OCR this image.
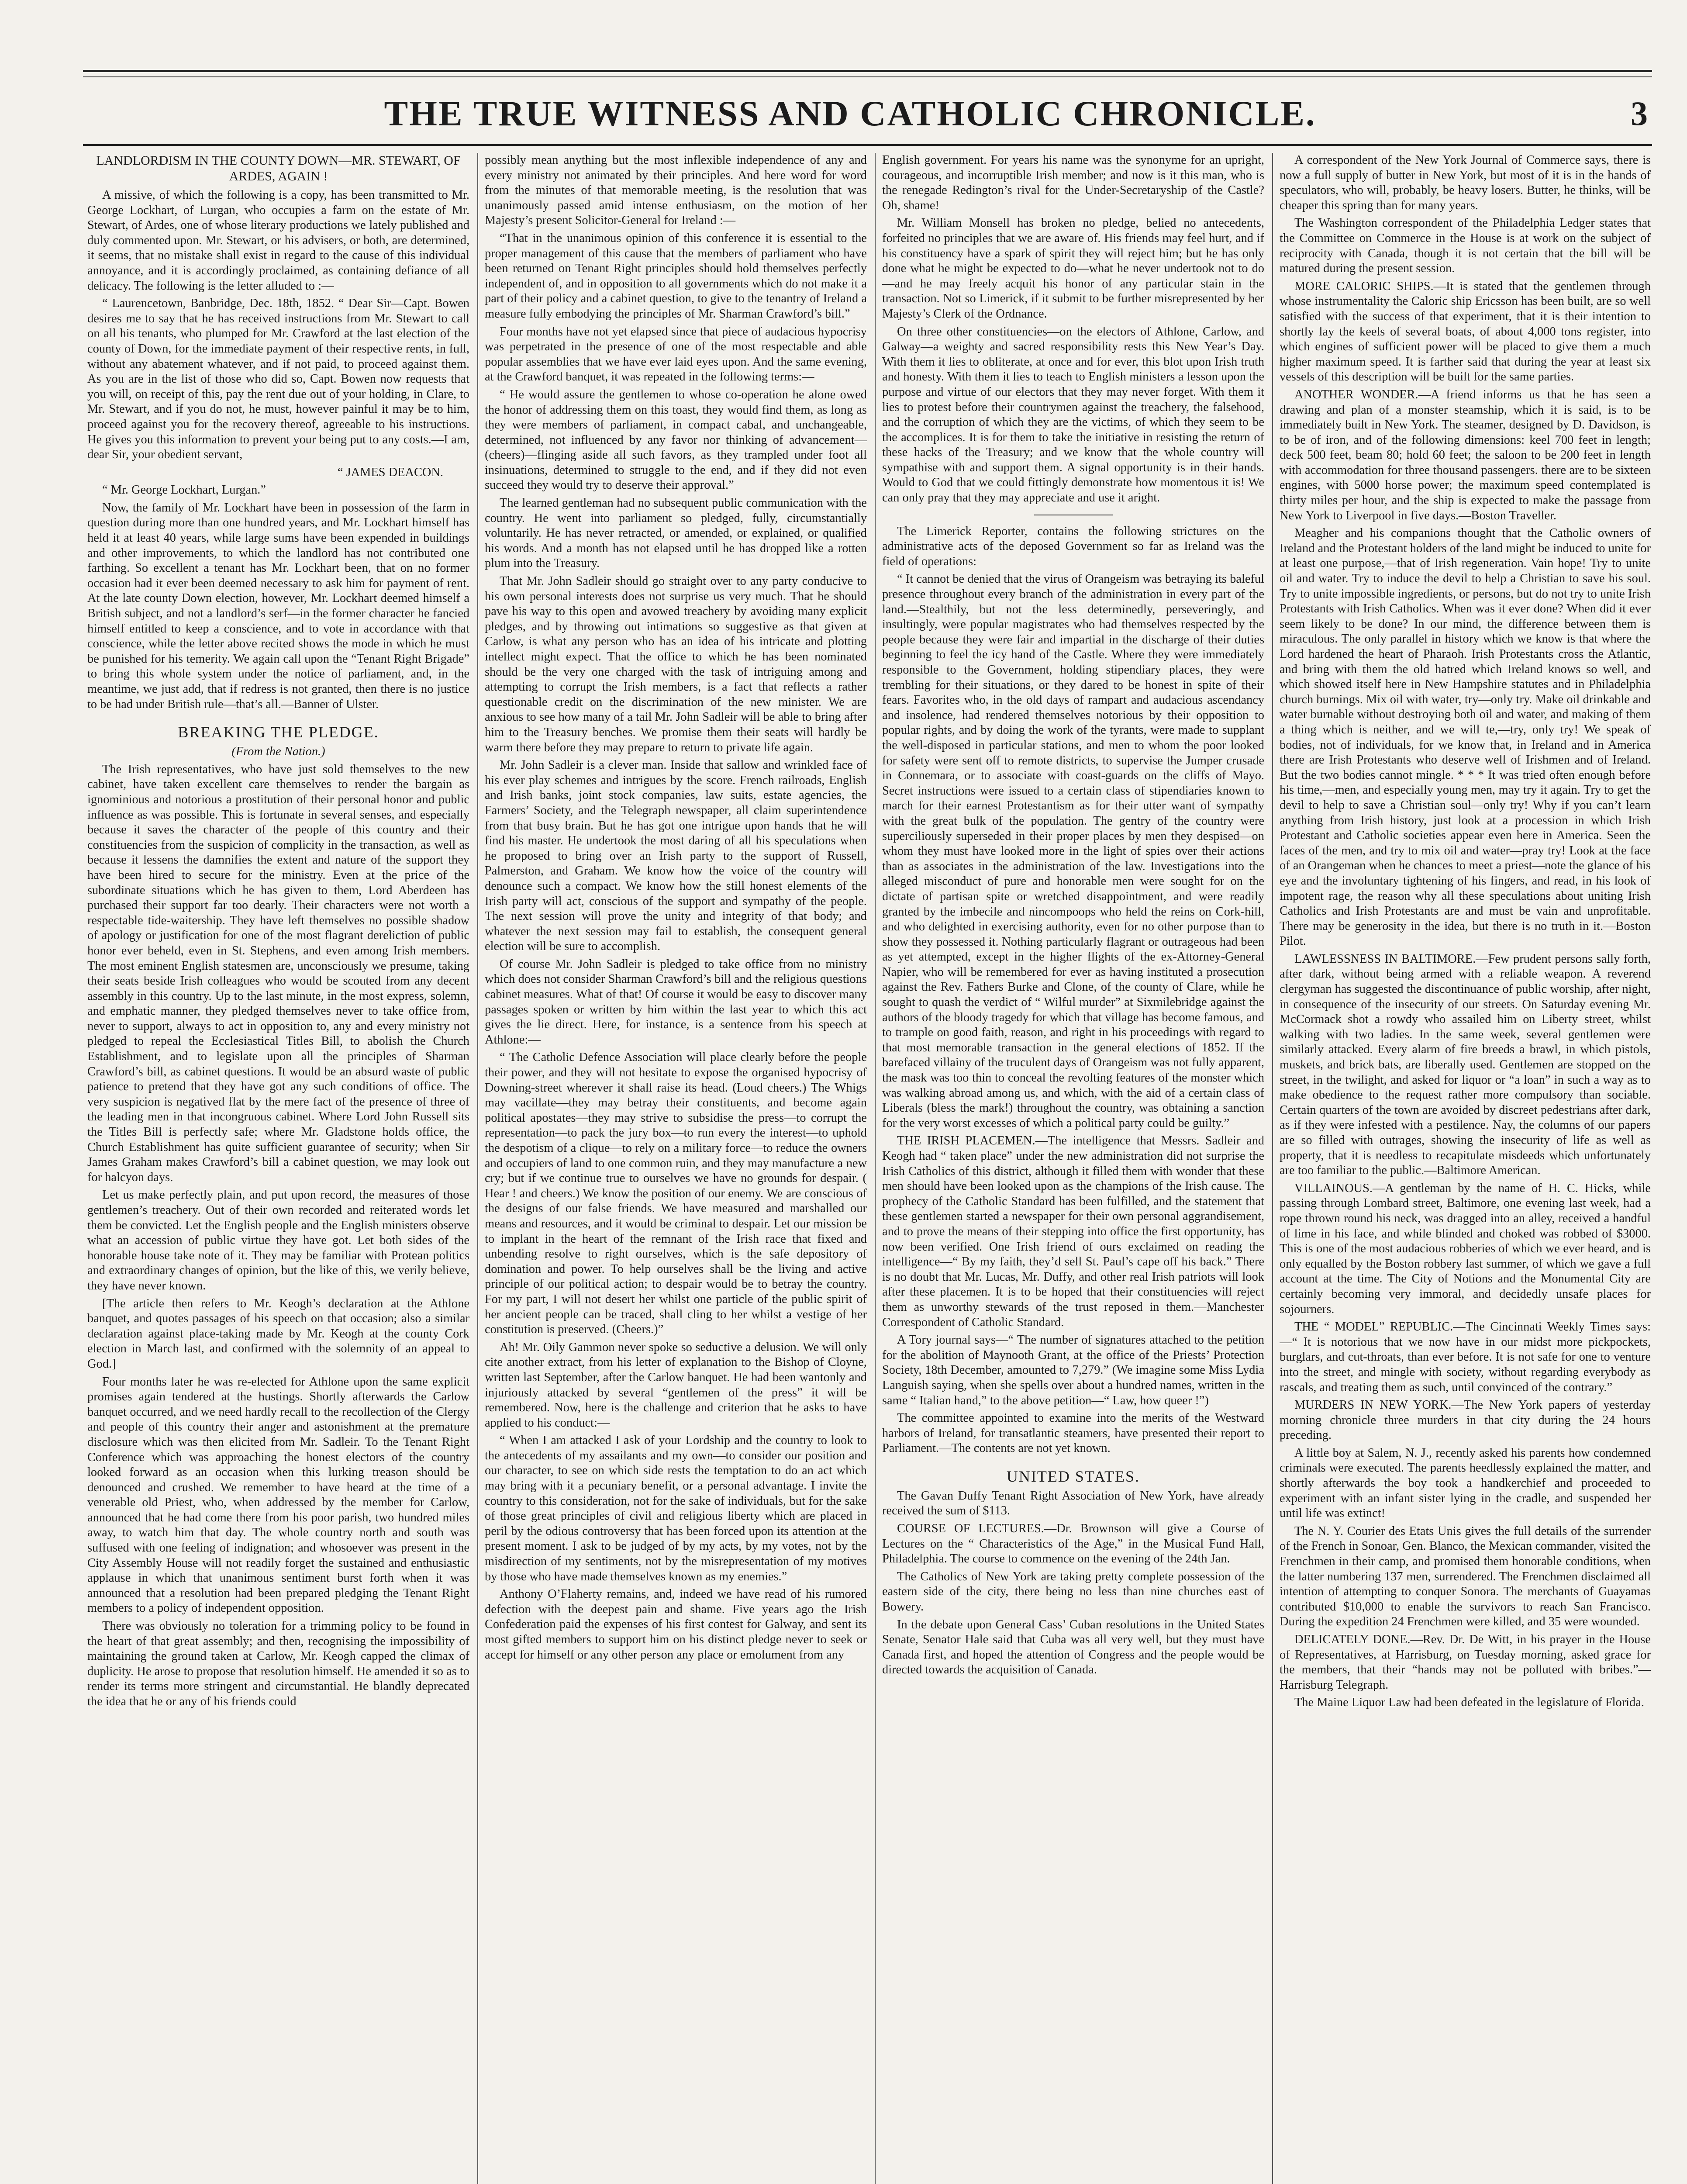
THE TRUE WITNESS AND CATHOLIC CHRONICLE.	3
LANDLORDISM IN THE COUNTY DOWN—MR. STEWART, OF ARDES, AGAIN !

A missive, of which the following is a copy, has been transmitted to Mr. George Lockhart, of Lurgan, who occupies a farm on the estate of Mr. Stewart, of Ardes, one of whose literary productions we lately published and duly commented upon. Mr. Stewart, or his advisers, or both, are determined, it seems, that no mistake shall exist in regard to the cause of this individual annoyance, and it is accordingly proclaimed, as containing defiance of all delicacy. The following is the letter alluded to :—

“ Laurencetown, Banbridge, Dec. 18th, 1852. “ Dear Sir—Capt. Bowen desires me to say that he has received instructions from Mr. Stewart to call on all his tenants, who plumped for Mr. Crawford at the last election of the county of Down, for the immediate payment of their respective rents, in full, without any abatement whatever, and if not paid, to proceed against them. As you are in the list of those who did so, Capt. Bowen now requests that you will, on receipt of this, pay the rent due out of your holding, in Clare, to Mr. Stewart, and if you do not, he must, however painful it may be to him, proceed against you for the recovery thereof, agreeable to his instructions. He gives you this information to prevent your being put to any costs.—I am, dear Sir, your obedient servant,

“ JAMES DEACON.

“ Mr. George Lockhart, Lurgan.”

Now, the family of Mr. Lockhart have been in possession of the farm in question during more than one hundred years, and Mr. Lockhart himself has held it at least 40 years, while large sums have been expended in buildings and other improvements, to which the landlord has not contributed one farthing. So excellent a tenant has Mr. Lockhart been, that on no former occasion had it ever been deemed necessary to ask him for payment of rent. At the late county Down election, however, Mr. Lockhart deemed himself a British subject, and not a landlord’s serf—in the former character he fancied himself entitled to keep a conscience, and to vote in accordance with that conscience, while the letter above recited shows the mode in which he must be punished for his temerity. We again call upon the “Tenant Right Brigade” to bring this whole system under the notice of parliament, and, in the meantime, we just add, that if redress is not granted, then there is no justice to be had under British rule—that’s all.—Banner of Ulster.

BREAKING THE PLEDGE.
(From the Nation.)

The Irish representatives, who have just sold themselves to the new cabinet, have taken excellent care themselves to render the bargain as ignominious and notorious a prostitution of their personal honor and public influence as was possible. This is fortunate in several senses, and especially because it saves the character of the people of this country and their constituencies from the suspicion of complicity in the transaction, as well as because it lessens the damnifies the extent and nature of the support they have been hired to secure for the ministry. Even at the price of the subordinate situations which he has given to them, Lord Aberdeen has purchased their support far too dearly. Their characters were not worth a respectable tide-waitership. They have left themselves no possible shadow of apology or justification for one of the most flagrant dereliction of public honor ever beheld, even in St. Stephens, and even among Irish members. The most eminent English statesmen are, unconsciously we presume, taking their seats beside Irish colleagues who would be scouted from any decent assembly in this country. Up to the last minute, in the most express, solemn, and emphatic manner, they pledged themselves never to take office from, never to support, always to act in opposition to, any and every ministry not pledged to repeal the Ecclesiastical Titles Bill, to abolish the Church Establishment, and to legislate upon all the principles of Sharman Crawford’s bill, as cabinet questions. It would be an absurd waste of public patience to pretend that they have got any such conditions of office. The very suspicion is negatived flat by the mere fact of the presence of three of the leading men in that incongruous cabinet. Where Lord John Russell sits the Titles Bill is perfectly safe; where Mr. Gladstone holds office, the Church Establishment has quite sufficient guarantee of security; when Sir James Graham makes Crawford’s bill a cabinet question, we may look out for halcyon days.

Let us make perfectly plain, and put upon record, the measures of those gentlemen’s treachery. Out of their own recorded and reiterated words let them be convicted. Let the English people and the English ministers observe what an accession of public virtue they have got. Let both sides of the honorable house take note of it. They may be familiar with Protean politics and extraordinary changes of opinion, but the like of this, we verily believe, they have never known.

[The article then refers to Mr. Keogh’s declaration at the Athlone banquet, and quotes passages of his speech on that occasion; also a similar declaration against place-taking made by Mr. Keogh at the county Cork election in March last, and confirmed with the solemnity of an appeal to God.]

Four months later he was re-elected for Athlone upon the same explicit promises again tendered at the hustings. Shortly afterwards the Carlow banquet occurred, and we need hardly recall to the recollection of the Clergy and people of this country their anger and astonishment at the premature disclosure which was then elicited from Mr. Sadleir. To the Tenant Right Conference which was approaching the honest electors of the country looked forward as an occasion when this lurking treason should be denounced and crushed. We remember to have heard at the time of a venerable old Priest, who, when addressed by the member for Carlow, announced that he had come there from his poor parish, two hundred miles away, to watch him that day. The whole country north and south was suffused with one feeling of indignation; and whosoever was present in the City Assembly House will not readily forget the sustained and enthusiastic applause in which that unanimous sentiment burst forth when it was announced that a resolution had been prepared pledging the Tenant Right members to a policy of independent opposition.

There was obviously no toleration for a trimming policy to be found in the heart of that great assembly; and then, recognising the impossibility of maintaining the ground taken at Carlow, Mr. Keogh capped the climax of duplicity. He arose to propose that resolution himself. He amended it so as to render its terms more stringent and circumstantial. He blandly deprecated the idea that he or any of his friends could

possibly mean anything but the most inflexible independence of any and every ministry not animated by their principles. And here word for word from the minutes of that memorable meeting, is the resolution that was unanimously passed amid intense enthusiasm, on the motion of her Majesty’s present Solicitor-General for Ireland :—

“That in the unanimous opinion of this conference it is essential to the proper management of this cause that the members of parliament who have been returned on Tenant Right principles should hold themselves perfectly independent of, and in opposition to all governments which do not make it a part of their policy and a cabinet question, to give to the tenantry of Ireland a measure fully embodying the principles of Mr. Sharman Crawford’s bill.”

Four months have not yet elapsed since that piece of audacious hypocrisy was perpetrated in the presence of one of the most respectable and able popular assemblies that we have ever laid eyes upon. And the same evening, at the Crawford banquet, it was repeated in the following terms:—

“ He would assure the gentlemen to whose co-operation he alone owed the honor of addressing them on this toast, they would find them, as long as they were members of parliament, in compact cabal, and unchangeable, determined, not influenced by any favor nor thinking of advancement—(cheers)—flinging aside all such favors, as they trampled under foot all insinuations, determined to struggle to the end, and if they did not even succeed they would try to deserve their approval.”

The learned gentleman had no subsequent public communication with the country. He went into parliament so pledged, fully, circumstantially voluntarily. He has never retracted, or amended, or explained, or qualified his words. And a month has not elapsed until he has dropped like a rotten plum into the Treasury.

That Mr. John Sadleir should go straight over to any party conducive to his own personal interests does not surprise us very much. That he should pave his way to this open and avowed treachery by avoiding many explicit pledges, and by throwing out intimations so suggestive as that given at Carlow, is what any person who has an idea of his intricate and plotting intellect might expect. That the office to which he has been nominated should be the very one charged with the task of intriguing among and attempting to corrupt the Irish members, is a fact that reflects a rather questionable credit on the discrimination of the new minister. We are anxious to see how many of a tail Mr. John Sadleir will be able to bring after him to the Treasury benches. We promise them their seats will hardly be warm there before they may prepare to return to private life again.

Mr. John Sadleir is a clever man. Inside that sallow and wrinkled face of his ever play schemes and intrigues by the score. French railroads, English and Irish banks, joint stock companies, law suits, estate agencies, the Farmers’ Society, and the Telegraph newspaper, all claim superintendence from that busy brain. But he has got one intrigue upon hands that he will find his master. He undertook the most daring of all his speculations when he proposed to bring over an Irish party to the support of Russell, Palmerston, and Graham. We know how the voice of the country will denounce such a compact. We know how the still honest elements of the Irish party will act, conscious of the support and sympathy of the people. The next session will prove the unity and integrity of that body; and whatever the next session may fail to establish, the consequent general election will be sure to accomplish.

Of course Mr. John Sadleir is pledged to take office from no ministry which does not consider Sharman Crawford’s bill and the religious questions cabinet measures. What of that! Of course it would be easy to discover many passages spoken or written by him within the last year to which this act gives the lie direct. Here, for instance, is a sentence from his speech at Athlone:—

“ The Catholic Defence Association will place clearly before the people their power, and they will not hesitate to expose the organised hypocrisy of Downing-street wherever it shall raise its head. (Loud cheers.) The Whigs may vacillate—they may betray their constituents, and become again political apostates—they may strive to subsidise the press—to corrupt the representation—to pack the jury box—to run every the interest—to uphold the despotism of a clique—to rely on a military force—to reduce the owners and occupiers of land to one common ruin, and they may manufacture a new cry; but if we continue true to ourselves we have no grounds for despair. ( Hear ! and cheers.) We know the position of our enemy. We are conscious of the designs of our false friends. We have measured and marshalled our means and resources, and it would be criminal to despair. Let our mission be to implant in the heart of the remnant of the Irish race that fixed and unbending resolve to right ourselves, which is the safe depository of domination and power. To help ourselves shall be the living and active principle of our political action; to despair would be to betray the country. For my part, I will not desert her whilst one particle of the public spirit of her ancient people can be traced, shall cling to her whilst a vestige of her constitution is preserved. (Cheers.)”

Ah! Mr. Oily Gammon never spoke so seductive a delusion. We will only cite another extract, from his letter of explanation to the Bishop of Cloyne, written last September, after the Carlow banquet. He had been wantonly and injuriously attacked by several “gentlemen of the press” it will be remembered. Now, here is the challenge and criterion that he asks to have applied to his conduct:—

“ When I am attacked I ask of your Lordship and the country to look to the antecedents of my assailants and my own—to consider our position and our character, to see on which side rests the temptation to do an act which may bring with it a pecuniary benefit, or a personal advantage. I invite the country to this consideration, not for the sake of individuals, but for the sake of those great principles of civil and religious liberty which are placed in peril by the odious controversy that has been forced upon its attention at the present moment. I ask to be judged of by my acts, by my votes, not by the misdirection of my sentiments, not by the misrepresentation of my motives by those who have made themselves known as my enemies.”

Anthony O’Flaherty remains, and, indeed we have read of his rumored defection with the deepest pain and shame. Five years ago the Irish Confederation paid the expenses of his first contest for Galway, and sent its most gifted members to support him on his distinct pledge never to seek or accept for himself or any other person any place or emolument from any

English government. For years his name was the synonyme for an upright, courageous, and incorruptible Irish member; and now is it this man, who is the renegade Redington’s rival for the Under-Secretaryship of the Castle? Oh, shame!

Mr. William Monsell has broken no pledge, belied no antecedents, forfeited no principles that we are aware of. His friends may feel hurt, and if his constituency have a spark of spirit they will reject him; but he has only done what he might be expected to do—what he never undertook not to do—and he may freely acquit his honor of any particular stain in the transaction. Not so Limerick, if it submit to be further misrepresented by her Majesty’s Clerk of the Ordnance.

On three other constituencies—on the electors of Athlone, Carlow, and Galway—a weighty and sacred responsibility rests this New Year’s Day. With them it lies to obliterate, at once and for ever, this blot upon Irish truth and honesty. With them it lies to teach to English ministers a lesson upon the purpose and virtue of our electors that they may never forget. With them it lies to protest before their countrymen against the treachery, the falsehood, and the corruption of which they are the victims, of which they seem to be the accomplices. It is for them to take the initiative in resisting the return of these hacks of the Treasury; and we know that the whole country will sympathise with and support them. A signal opportunity is in their hands. Would to God that we could fittingly demonstrate how momentous it is! We can only pray that they may appreciate and use it aright.

The Limerick Reporter, contains the following strictures on the administrative acts of the deposed Government so far as Ireland was the field of operations:

“ It cannot be denied that the virus of Orangeism was betraying its baleful presence throughout every branch of the administration in every part of the land.—Stealthily, but not the less determinedly, perseveringly, and insultingly, were popular magistrates who had themselves respected by the people because they were fair and impartial in the discharge of their duties beginning to feel the icy hand of the Castle. Where they were immediately responsible to the Government, holding stipendiary places, they were trembling for their situations, or they dared to be honest in spite of their fears. Favorites who, in the old days of rampart and audacious ascendancy and insolence, had rendered themselves notorious by their opposition to popular rights, and by doing the work of the tyrants, were made to supplant the well-disposed in particular stations, and men to whom the poor looked for safety were sent off to remote districts, to supervise the Jumper crusade in Connemara, or to associate with coast-guards on the cliffs of Mayo. Secret instructions were issued to a certain class of stipendiaries known to march for their earnest Protestantism as for their utter want of sympathy with the great bulk of the population. The gentry of the country were superciliously superseded in their proper places by men they despised—on whom they must have looked more in the light of spies over their actions than as associates in the administration of the law. Investigations into the alleged misconduct of pure and honorable men were sought for on the dictate of partisan spite or wretched disappointment, and were readily granted by the imbecile and nincompoops who held the reins on Cork-hill, and who delighted in exercising authority, even for no other purpose than to show they possessed it. Nothing particularly flagrant or outrageous had been as yet attempted, except in the higher flights of the ex-Attorney-General Napier, who will be remembered for ever as having instituted a prosecution against the Rev. Fathers Burke and Clone, of the county of Clare, while he sought to quash the verdict of “ Wilful murder” at Sixmilebridge against the authors of the bloody tragedy for which that village has become famous, and to trample on good faith, reason, and right in his proceedings with regard to that most memorable transaction in the general elections of 1852. If the barefaced villainy of the truculent days of Orangeism was not fully apparent, the mask was too thin to conceal the revolting features of the monster which was walking abroad among us, and which, with the aid of a certain class of Liberals (bless the mark!) throughout the country, was obtaining a sanction for the very worst excesses of which a political party could be guilty.”

THE IRISH PLACEMEN.—The intelligence that Messrs. Sadleir and Keogh had “ taken place” under the new administration did not surprise the Irish Catholics of this district, although it filled them with wonder that these men should have been looked upon as the champions of the Irish cause. The prophecy of the Catholic Standard has been fulfilled, and the statement that these gentlemen started a newspaper for their own personal aggrandisement, and to prove the means of their stepping into office the first opportunity, has now been verified. One Irish friend of ours exclaimed on reading the intelligence—“ By my faith, they’d sell St. Paul’s cape off his back.” There is no doubt that Mr. Lucas, Mr. Duffy, and other real Irish patriots will look after these placemen. It is to be hoped that their constituencies will reject them as unworthy stewards of the trust reposed in them.—Manchester Correspondent of Catholic Standard.

A Tory journal says—“ The number of signatures attached to the petition for the abolition of Maynooth Grant, at the office of the Priests’ Protection Society, 18th December, amounted to 7,279.” (We imagine some Miss Lydia Languish saying, when she spells over about a hundred names, written in the same “ Italian hand,” to the above petition—“ Law, how queer !”)

The committee appointed to examine into the merits of the Westward harbors of Ireland, for transatlantic steamers, have presented their report to Parliament.—The contents are not yet known.

UNITED STATES.

The Gavan Duffy Tenant Right Association of New York, have already received the sum of $113.

COURSE OF LECTURES.—Dr. Brownson will give a Course of Lectures on the “ Characteristics of the Age,” in the Musical Fund Hall, Philadelphia. The course to commence on the evening of the 24th Jan.

The Catholics of New York are taking pretty complete possession of the eastern side of the city, there being no less than nine churches east of Bowery.

In the debate upon General Cass’ Cuban resolutions in the United States Senate, Senator Hale said that Cuba was all very well, but they must have Canada first, and hoped the attention of Congress and the people would be directed towards the acquisition of Canada.

A correspondent of the New York Journal of Commerce says, there is now a full supply of butter in New York, but most of it is in the hands of speculators, who will, probably, be heavy losers. Butter, he thinks, will be cheaper this spring than for many years.

The Washington correspondent of the Philadelphia Ledger states that the Committee on Commerce in the House is at work on the subject of reciprocity with Canada, though it is not certain that the bill will be matured during the present session.

MORE CALORIC SHIPS.—It is stated that the gentlemen through whose instrumentality the Caloric ship Ericsson has been built, are so well satisfied with the success of that experiment, that it is their intention to shortly lay the keels of several boats, of about 4,000 tons register, into which engines of sufficient power will be placed to give them a much higher maximum speed. It is farther said that during the year at least six vessels of this description will be built for the same parties.

ANOTHER WONDER.—A friend informs us that he has seen a drawing and plan of a monster steamship, which it is said, is to be immediately built in New York. The steamer, designed by D. Davidson, is to be of iron, and of the following dimensions: keel 700 feet in length; deck 500 feet, beam 80; hold 60 feet; the saloon to be 200 feet in length with accommodation for three thousand passengers. there are to be sixteen engines, with 5000 horse power; the maximum speed contemplated is thirty miles per hour, and the ship is expected to make the passage from New York to Liverpool in five days.—Boston Traveller.

Meagher and his companions thought that the Catholic owners of Ireland and the Protestant holders of the land might be induced to unite for at least one purpose,—that of Irish regeneration. Vain hope! Try to unite oil and water. Try to induce the devil to help a Christian to save his soul. Try to unite impossible ingredients, or persons, but do not try to unite Irish Protestants with Irish Catholics. When was it ever done? When did it ever seem likely to be done? In our mind, the difference between them is miraculous. The only parallel in history which we know is that where the Lord hardened the heart of Pharaoh. Irish Protestants cross the Atlantic, and bring with them the old hatred which Ireland knows so well, and which showed itself here in New Hampshire statutes and in Philadelphia church burnings. Mix oil with water, try—only try. Make oil drinkable and water burnable without destroying both oil and water, and making of them a thing which is neither, and we will te,—try, only try! We speak of bodies, not of individuals, for we know that, in Ireland and in America there are Irish Protestants who deserve well of Irishmen and of Ireland. But the two bodies cannot mingle. * * * It was tried often enough before his time,—men, and especially young men, may try it again. Try to get the devil to help to save a Christian soul—only try! Why if you can’t learn anything from Irish history, just look at a procession in which Irish Protestant and Catholic societies appear even here in America. Seen the faces of the men, and try to mix oil and water—pray try! Look at the face of an Orangeman when he chances to meet a priest—note the glance of his eye and the involuntary tightening of his fingers, and read, in his look of impotent rage, the reason why all these speculations about uniting Irish Catholics and Irish Protestants are and must be vain and unprofitable. There may be generosity in the idea, but there is no truth in it.—Boston Pilot.

LAWLESSNESS IN BALTIMORE.—Few prudent persons sally forth, after dark, without being armed with a reliable weapon. A reverend clergyman has suggested the discontinuance of public worship, after night, in consequence of the insecurity of our streets. On Saturday evening Mr. McCormack shot a rowdy who assailed him on Liberty street, whilst walking with two ladies. In the same week, several gentlemen were similarly attacked. Every alarm of fire breeds a brawl, in which pistols, muskets, and brick bats, are liberally used. Gentlemen are stopped on the street, in the twilight, and asked for liquor or “a loan” in such a way as to make obedience to the request rather more compulsory than sociable. Certain quarters of the town are avoided by discreet pedestrians after dark, as if they were infested with a pestilence. Nay, the columns of our papers are so filled with outrages, showing the insecurity of life as well as property, that it is needless to recapitulate misdeeds which unfortunately are too familiar to the public.—Baltimore American.

VILLAINOUS.—A gentleman by the name of H. C. Hicks, while passing through Lombard street, Baltimore, one evening last week, had a rope thrown round his neck, was dragged into an alley, received a handful of lime in his face, and while blinded and choked was robbed of $3000. This is one of the most audacious robberies of which we ever heard, and is only equalled by the Boston robbery last summer, of which we gave a full account at the time. The City of Notions and the Monumental City are certainly becoming very immoral, and decidedly unsafe places for sojourners.

THE “ MODEL” REPUBLIC.—The Cincinnati Weekly Times says:—“ It is notorious that we now have in our midst more pickpockets, burglars, and cut-throats, than ever before. It is not safe for one to venture into the street, and mingle with society, without regarding everybody as rascals, and treating them as such, until convinced of the contrary.”

MURDERS IN NEW YORK.—The New York papers of yesterday morning chronicle three murders in that city during the 24 hours preceding.

A little boy at Salem, N. J., recently asked his parents how condemned criminals were executed. The parents heedlessly explained the matter, and shortly afterwards the boy took a handkerchief and proceeded to experiment with an infant sister lying in the cradle, and suspended her until life was extinct!

The N. Y. Courier des Etats Unis gives the full details of the surrender of the French in Sonoar, Gen. Blanco, the Mexican commander, visited the Frenchmen in their camp, and promised them honorable conditions, when the latter numbering 137 men, surrendered. The Frenchmen disclaimed all intention of attempting to conquer Sonora. The merchants of Guayamas contributed $10,000 to enable the survivors to reach San Francisco. During the expedition 24 Frenchmen were killed, and 35 were wounded.

DELICATELY DONE.—Rev. Dr. De Witt, in his prayer in the House of Representatives, at Harrisburg, on Tuesday morning, asked grace for the members, that their “hands may not be polluted with bribes.”—Harrisburg Telegraph.

The Maine Liquor Law had been defeated in the legislature of Florida.
